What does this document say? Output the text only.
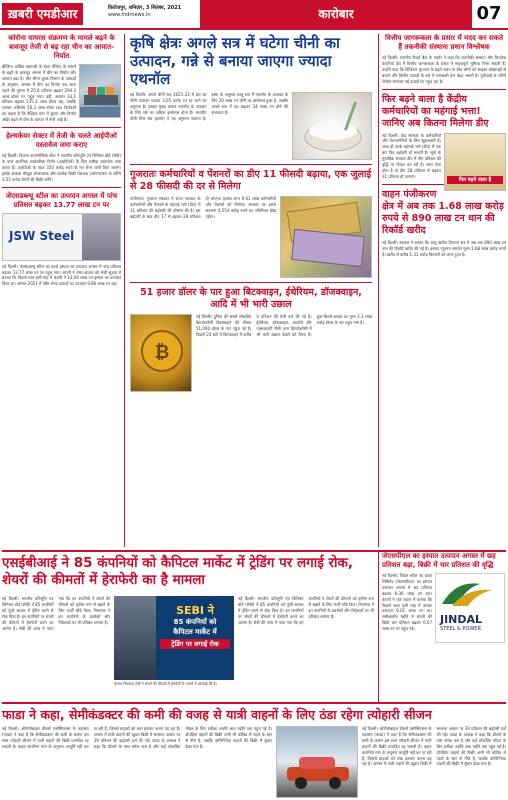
ख़बरी एमडीआर	फ़िरोजपुर, शनिवार, 3 सितंबर, 2021
www.mdrnews.in	कारोबार	07
कोरोना वायरस संक्रमण के मामले बढ़ने के बावजूद तेजी से बढ़ रहा चीन का आयात-निर्यात
बीजिंग। कोविड महामारी के डेल्टा वैरिएंट के मामले के बढ़ने के बावजूद अगस्त में चीन का निर्यात और आयात बढ़ा है। चीन सीमा शुल्क विभाग के आंकड़ों के अनुसार, अगस्त में चीन का निर्यात एक साल पहले की तुलना में 25.6 प्रतिशत बढ़कर 294.3 अरब डॉलर पर पहुंच गया। वहीं, आयात 33.1 प्रतिशत बढ़कर 235.3 अरब डॉलर रहा, जबकि व्यापार अधिशेष 58.3 अरब डॉलर रहा। विशेषज्ञों का कहना है कि वैश्विक मांग में सुधार और निर्यात ऑर्डर बढ़ने से चीन के व्यापार में तेजी आई है।
हेल्थकेयर सेक्टर में तेजी के चलते आईपीओ दस्तावेज जमा कराए
नई दिल्ली। विजया डायग्नोस्टिक सेंटर ने भारतीय प्रतिभूति एवं विनिमय बोर्ड (सेबी) के पास आरंभिक सार्वजनिक निर्गम (आईपीओ) के लिए मसौदा दस्तावेज जमा कराए हैं। आईपीओ के तहत 350 करोड़ रुपये के नए शेयर जारी किए जाएंगे। इसके अलावा मौजूदा शेयरधारक और प्रवर्तक बिक्री पेशकश (ओएफएस) के जरिये 3.55 करोड़ शेयरों की बिक्री करेंगे।
जेएसडब्ल्यू स्टील का उत्पादन अगस्त में पांच प्रतिशत बढ़कर 13.77 लाख टन पर
JSW Steel
नई दिल्ली। जेएसडब्ल्यू स्टील का कच्चे इस्पात का उत्पादन अगस्त में पांच प्रतिशत बढ़कर 13.77 लाख टन पर पहुंच गया। कंपनी ने शेयर बाजार को भेजी सूचना में बताया कि पिछले साल इसी माह में कंपनी ने 13.09 लाख टन इस्पात का उत्पादन किया था। अगस्त 2021 में फ्लैट रोल्ड उत्पादों का उत्पादन 9.86 लाख टन रहा।
कृषि क्षेत्रः अगले सत्र में घटेगा चीनी का उत्पादन, गन्ने से बनाया जाएगा ज्यादा एथनॉल
नई दिल्ली। अगले चीनी सत्र 2021-22 में देश का चीनी उत्पादन घटकर 3.05 करोड़ टन रह जाने का अनुमान है। इसका मुख्य कारण एथनॉल के उत्पादन के लिए गन्ने का अधिक इस्तेमाल होना है। भारतीय चीनी मिल संघ (इस्मा) ने यह अनुमान जताया है। इस्मा के अनुसार चालू सत्र में एथनॉल के उत्पादन के लिए 20 लाख टन चीनी का इस्तेमाल हुआ है, जबकि अगले सत्र में यह बढ़कर 34 लाख टन होने की संभावना है।
गुजरातः कर्मचारियों व पेंशनरों का डीए 11 फीसदी बढ़ाया, एक जुलाई से 28 फीसदी की दर से मिलेगा
गांधीनगर। गुजरात सरकार ने राज्य सरकार के कर्मचारियों और पेंशनरों के महंगाई भत्ते (डीए) में 11 प्रतिशत की बढ़ोतरी की घोषणा की है। इस बढ़ोतरी के बाद डीए 17 से बढ़कर 28 प्रतिशत हो जाएगा। इसका लाभ 9.61 लाख कर्मचारियों और पेंशनरों को मिलेगा। सरकार पर इससे सालाना 4,554 करोड़ रुपये का अतिरिक्त बोझ पड़ेगा।
51 हजार डॉलर के पार हुआ बिटक्वाइन, ईथेरियम, डॉजक्वाइन, आदि में भी भारी उछाल
₿
नई दिल्ली। दुनिया की सबसे लोकप्रिय क्रिप्टोकरेंसी बिटक्वाइन की कीमत 51,000 डॉलर के पार पहुंच गई है। पिछले 24 घंटों में बिटक्वाइन में करीब 4 प्रतिशत की तेजी दर्ज की गई है। ईथेरियम, डॉजक्वाइन, कार्डानो और एक्सआरपी जैसी अन्य क्रिप्टोकरेंसी में भी भारी उछाल देखने को मिला है। कुल क्रिप्टो बाजार का मूल्य 2.3 लाख करोड़ डॉलर के पार पहुंच गया है।
वित्तीय जागरूकता के प्रसार में मदद कर सकते हैं तकनीकी संस्थानः प्रधान विश्लेषक
नई दिल्ली। भारतीय रिजर्व बैंक के गवर्नर ने कहा कि तकनीकी संस्थान और फिनटेक कंपनियां देश में वित्तीय जागरूकता के प्रसार में महत्वपूर्ण भूमिका निभा सकती हैं। उन्होंने कहा कि डिजिटल भुगतान के बढ़ते चलन के बीच लोगों को साइबर धोखाधड़ी से बचाने और वित्तीय उत्पादों के बारे में जानकारी देना बेहद जरूरी है। यूपीआई के जरिये लेनदेन लगातार नई ऊंचाई पर पहुंच रहा है।
फिर बढ़ने वाला है केंद्रीय कर्मचारियों का महंगाई भत्ता! जानिए अब कितना मिलेगा डीए
फिर बढ़ने वाला है
नई दिल्ली। केंद्र सरकार के कर्मचारियों और पेंशनभोगियों के लिए खुशखबरी है। जल्द ही उनके महंगाई भत्ते (डीए) में एक बार फिर बढ़ोतरी हो सकती है। सूत्रों के मुताबिक सरकार डीए में तीन प्रतिशत की वृद्धि पर विचार कर रही है। अगर ऐसा होता है तो डीए 28 प्रतिशत से बढ़कर 31 प्रतिशत हो जाएगा।
वाहन पंजीकरण क्षेत्र में अब तक 1.68 लाख करोड़ रुपये से 890 लाख टन धान की रिकॉर्ड खरीद
नई दिल्ली। सरकार ने बताया कि चालू खरीफ विपणन सत्र में अब तक 890 लाख टन धान की रिकॉर्ड खरीद की गई है। इसका न्यूनतम समर्थन मूल्य 1.68 लाख करोड़ रुपये है। खरीद से करीब 1.31 करोड़ किसानों को लाभ हुआ है।
एसईबीआई ने 85 कंपनियों को कैपिटल मार्केट में ट्रेडिंग पर लगाई रोक, शेयरों की कीमतों में हेराफेरी का है मामला
नई दिल्ली। भारतीय प्रतिभूति एवं विनिमय बोर्ड (सेबी) ने 85 कंपनियों को पूंजी बाजार में ट्रेडिंग करने से रोक दिया है। इन कंपनियों पर शेयरों की कीमतों में हेराफेरी करने का आरोप है। सेबी की जांच में पाया गया कि इन कंपनियों ने शेयरों की कीमतों को कृत्रिम रूप से बढ़ाने के लिए फर्जी सौदे किए। नियामक ने इन कंपनियों के प्रवर्तकों और निदेशकों पर भी प्रतिबंध लगाया है।
SEBI ने
85 कंपनियों को
कैपिटल मार्केट में
ट्रेडिंग पर लगाई रोक
बाजार नियामक सेबी ने शेयरों की कीमतों में हेराफेरी के मामले में कार्रवाई की है।
नई दिल्ली। भारतीय प्रतिभूति एवं विनिमय बोर्ड (सेबी) ने 85 कंपनियों को पूंजी बाजार में ट्रेडिंग करने से रोक दिया है। इन कंपनियों पर शेयरों की कीमतों में हेराफेरी करने का आरोप है। सेबी की जांच में पाया गया कि इन कंपनियों ने शेयरों की कीमतों को कृत्रिम रूप से बढ़ाने के लिए फर्जी सौदे किए। नियामक ने इन कंपनियों के प्रवर्तकों और निदेशकों पर भी प्रतिबंध लगाया है।
जेएसपीएल का इस्पात उत्पादन अगस्त में छह प्रतिशत बढ़ा, बिक्री में चार प्रतिशत की वृद्धि
नई दिल्ली। जिंदल स्टील एंड पावर लिमिटेड (जेएसपीएल) का इस्पात उत्पादन अगस्त में छह प्रतिशत बढ़कर 6.36 लाख टन रहा। कंपनी ने एक बयान में बताया कि पिछले साल इसी माह में उसका उत्पादन 6.01 लाख टन था। समीक्षाधीन महीने में कंपनी की बिक्री चार प्रतिशत बढ़कर 6.07 लाख टन पर पहुंच गई।
JINDAL
STEEL & POWER
फाडा ने कहा, सेमीकंडक्टर की कमी की वजह से यात्री वाहनों के लिए ठंडा रहेगा त्योहारी सीजन
नई दिल्ली। ऑटोमोबाइल डीलर्स एसोसिएशंस के महासंघ (फाडा) ने कहा है कि सेमीकंडक्टर की कमी के कारण इस साल त्योहारी सीजन में यात्री वाहनों की बिक्री प्रभावित रह सकती है। वाहन कंपनियां मांग के अनुरूप आपूर्ति नहीं कर पा रही हैं, जिससे ग्राहकों को लंबा इंतजार करना पड़ रहा है। अगस्त में यात्री वाहनों की खुदरा बिक्री में सालाना आधार पर 39 प्रतिशत की बढ़ोतरी दर्ज की गई। फाडा के अध्यक्ष ने कहा कि डीलरों के पास स्टॉक कम है और कई लोकप्रिय मॉडल के लिए प्रतीक्षा अवधि आठ महीने तक पहुंच गई है। दोपहिया वाहनों की बिक्री अभी भी कोविड से पहले के स्तर से नीचे है, जबकि वाणिज्यिक वाहनों की बिक्री में सुधार देखा गया है।
नई दिल्ली। ऑटोमोबाइल डीलर्स एसोसिएशंस के महासंघ (फाडा) ने कहा है कि सेमीकंडक्टर की कमी के कारण इस साल त्योहारी सीजन में यात्री वाहनों की बिक्री प्रभावित रह सकती है। वाहन कंपनियां मांग के अनुरूप आपूर्ति नहीं कर पा रही हैं, जिससे ग्राहकों को लंबा इंतजार करना पड़ रहा है। अगस्त में यात्री वाहनों की खुदरा बिक्री में सालाना आधार पर 39 प्रतिशत की बढ़ोतरी दर्ज की गई। फाडा के अध्यक्ष ने कहा कि डीलरों के पास स्टॉक कम है और कई लोकप्रिय मॉडल के लिए प्रतीक्षा अवधि आठ महीने तक पहुंच गई है। दोपहिया वाहनों की बिक्री अभी भी कोविड से पहले के स्तर से नीचे है, जबकि वाणिज्यिक वाहनों की बिक्री में सुधार देखा गया है।
